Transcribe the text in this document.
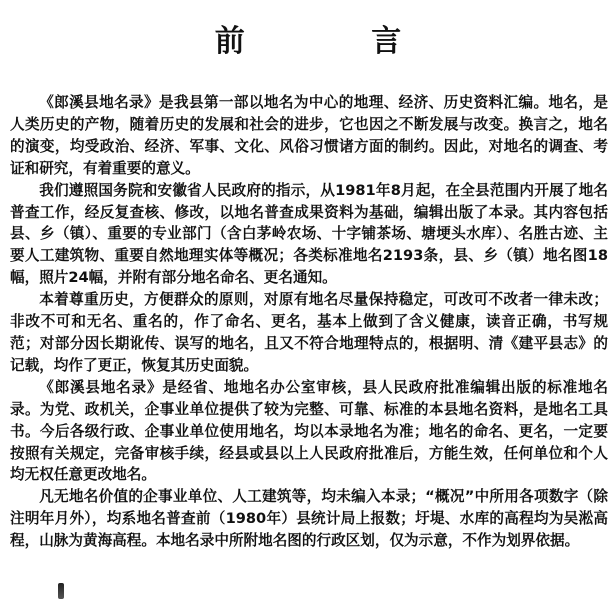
前 言

《郎溪县地名录》是我县第一部以地名为中心的地理、经济、历史资料汇编。地名，是人类历史的产物，随着历史的发展和社会的进步，它也因之不断发展与改变。换言之，地名的演变，均受政治、经济、军事、文化、风俗习惯诸方面的制约。因此，对地名的调查、考证和研究，有着重要的意义。

我们遵照国务院和安徽省人民政府的指示，从1981年8月起，在全县范围内开展了地名普查工作，经反复查核、修改，以地名普查成果资料为基础，编辑出版了本录。其内容包括县、乡（镇）、重要的专业部门（含白茅岭农场、十字铺茶场、塘埂头水库）、名胜古迹、主要人工建筑物、重要自然地理实体等概况；各类标准地名2193条，县、乡（镇）地名图18幅，照片24幅，并附有部分地名命名、更名通知。

本着尊重历史，方便群众的原则，对原有地名尽量保持稳定，可改可不改者一律未改；非改不可和无名、重名的，作了命名、更名，基本上做到了含义健康，读音正确，书写规范；对部分因长期讹传、误写的地名，且又不符合地理特点的，根据明、清《建平县志》的记载，均作了更正，恢复其历史面貌。

《郎溪县地名录》是经省、地地名办公室审核，县人民政府批准编辑出版的标准地名录。为党、政机关，企事业单位提供了较为完整、可靠、标准的本县地名资料，是地名工具书。今后各级行政、企事业单位使用地名，均以本录地名为准；地名的命名、更名，一定要按照有关规定，完备审核手续，经县或县以上人民政府批准后，方能生效，任何单位和个人均无权任意更改地名。

凡无地名价值的企事业单位、人工建筑等，均未编入本录；“概况”中所用各项数字（除注明年月外），均系地名普查前（1980年）县统计局上报数；圩堤、水库的高程均为吴淞高程，山脉为黄海高程。本地名录中所附地名图的行政区划，仅为示意，不作为划界依据。
